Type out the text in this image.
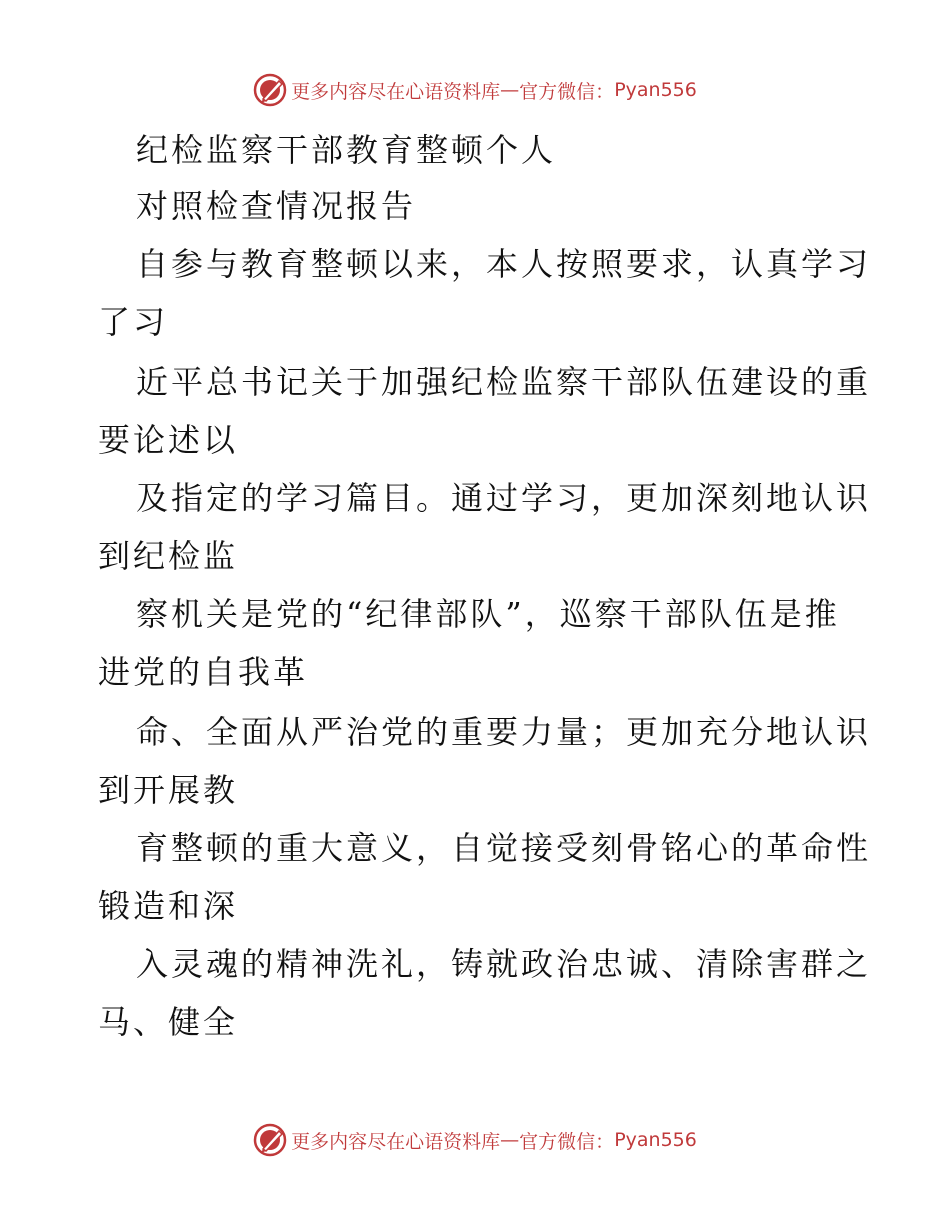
更多内容尽在心语资料库 — 官方微信： Pyan556
纪检监察干部教育整顿个人
对照检查情况报告
自参与教育整顿以来，本人按照要求，认真学习
了习
近平总书记关于加强纪检监察干部队伍建设的重
要论述以
及指定的学习篇目。通过学习，更加深刻地认识
到纪检监
察机关是党的“纪律部队”，巡察干部队伍是推
进党的自我革
命、全面从严治党的重要力量；更加充分地认识
到开展教
育整顿的重大意义，自觉接受刻骨铭心的革命性
锻造和深
入灵魂的精神洗礼，铸就政治忠诚、清除害群之
马、健全
更多内容尽在心语资料库 — 官方微信： Pyan556
